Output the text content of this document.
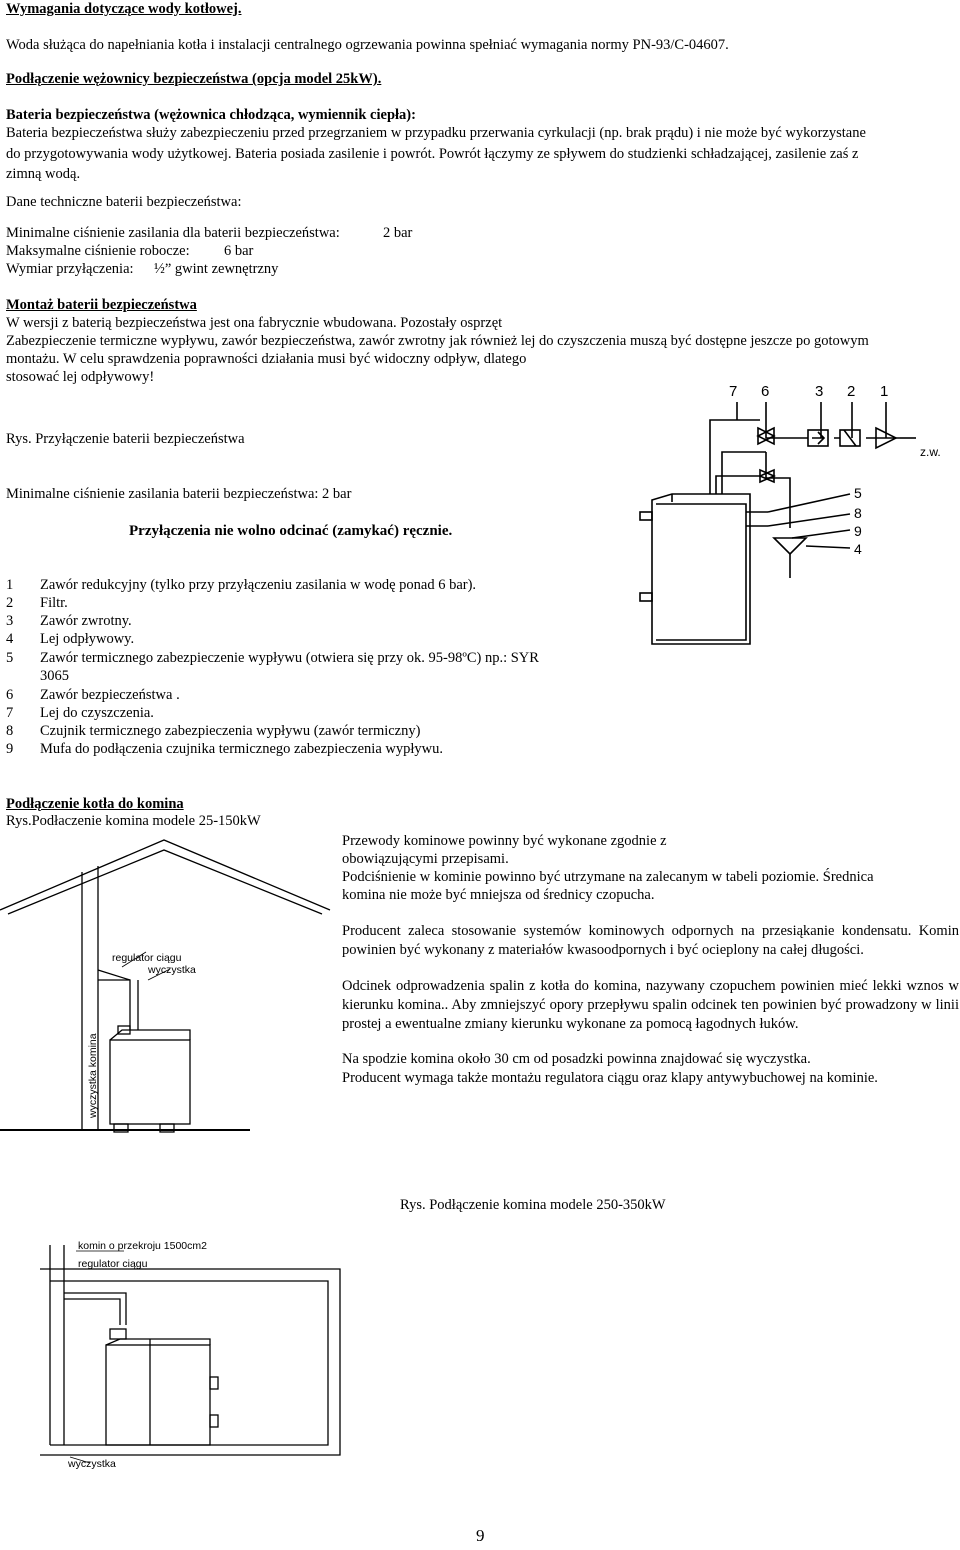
Wymagania dotyczące wody kotłowej.
Woda służąca do napełniania kotła i instalacji centralnego ogrzewania powinna spełniać wymagania normy PN-93/C-04607.
Podłączenie wężownicy bezpieczeństwa (opcja model 25kW).
Bateria bezpieczeństwa (wężownica chłodząca, wymiennik ciepła):
Bateria bezpieczeństwa służy zabezpieczeniu przed przegrzaniem w przypadku przerwania cyrkulacji (np. brak prądu) i nie może być wykorzystane
do przygotowywania wody użytkowej. Bateria posiada zasilenie i powrót. Powrót łączymy ze spływem do studzienki schładzającej, zasilenie zaś z
zimną wodą.
Dane techniczne baterii bezpieczeństwa:
Minimalne ciśnienie zasilania dla baterii bezpieczeństwa:	2 bar
Maksymalne ciśnienie robocze: 6 bar
Wymiar przyłączenia: ½” gwint zewnętrzny
Montaż baterii bezpieczeństwa
W wersji z baterią bezpieczeństwa jest ona fabrycznie wbudowana. Pozostały osprzęt
Zabezpieczenie termiczne wypływu, zawór bezpieczeństwa, zawór zwrotny jak również lej do czyszczenia muszą być dostępne jeszcze po gotowym
montażu. W celu sprawdzenia poprawności działania musi być widoczny odpływ, dlatego
stosować lej odpływowy!
Rys. Przyłączenie baterii bezpieczeństwa
Minimalne ciśnienie zasilania baterii bezpieczeństwa: 2 bar
Przyłączenia nie wolno odcinać (zamykać) ręcznie.
1 Zawór redukcyjny (tylko przy przyłączeniu zasilania w wodę ponad 6 bar).
2 Filtr.
3 Zawór zwrotny.
4 Lej odpływowy.
5 Zawór termicznego zabezpieczenie wypływu (otwiera się przy ok. 95-98ºC) np.: SYR
3065
6 Zawór bezpieczeństwa .
7 Lej do czyszczenia.
8 Czujnik termicznego zabezpieczenia wypływu (zawór termiczny)
9 Mufa do podłączenia czujnika termicznego zabezpieczenia wypływu.
7 6	3 2 1
z.w.
5
8
9
4
Podłączenie kotła do komina
Rys.Podłaczenie komina modele 25-150kW
Przewody kominowe powinny być wykonane zgodnie z
obowiązującymi przepisami.
Podciśnienie w kominie powinno być utrzymane na zalecanym w tabeli poziomie. Średnica
komina nie może być mniejsza od średnicy czopucha.
Producent zaleca stosowanie systemów kominowych odpornych na przesiąkanie kondensatu. Komin powinien być wykonany z materiałów kwasoodpornych i być ocieplony na całej długości.
Odcinek odprowadzenia spalin z kotła do komina, nazywany czopuchem powinien mieć lekki wznos w kierunku komina.. Aby zmniejszyć opory przepływu spalin odcinek ten powinien być prowadzony w linii prostej a ewentualne zmiany kierunku wykonane za pomocą łagodnych łuków.
Na spodzie komina około 30 cm od posadzki powinna znajdować się wyczystka.
Producent wymaga także montażu regulatora ciągu oraz klapy antywybuchowej na kominie.
regulator ciągu
wyczystka
wyczystka komina
Rys. Podłączenie komina modele 250-350kW
komin o przekroju 1500cm2
regulator ciągu
wyczystka
9
